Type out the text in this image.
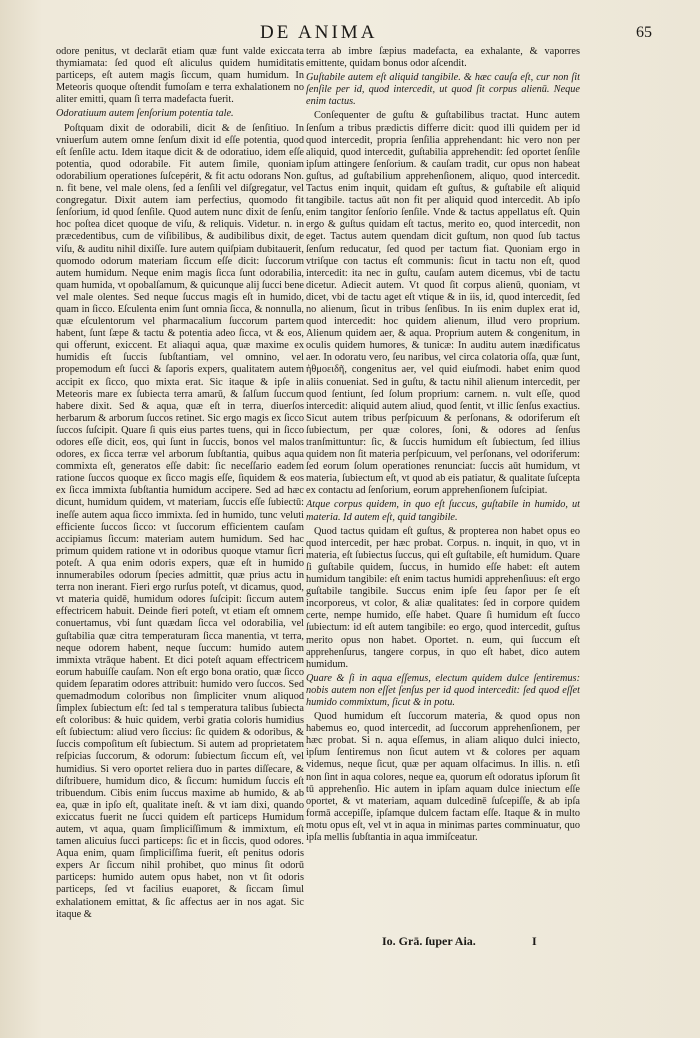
DE ANIMA	65

odore penitus, vt declarāt etiam quæ funt valde exiccata thymiamata: ſed quod eſt aliculus quidem humiditatis particeps, eſt autem magis ſiccum, quam humidum. In Meteoris quoque oſtendit fumoſam e terra exhalationem no aliter emitti, quam ſi terra madefacta fuerit.

Odoratiuum autem ſenſorium potentia tale.

Poſtquam dixit de odorabili, dicit & de ſenſitiuo. In vniuerſum autem omne ſenſum dixit id eſſe potentia, quod eſt ſenſile actu. Idem itaque dicit & de odoratiuo, idem eſſe potentia, quod odorabile. Fit autem ſimile, quoniam odorabilium operationes ſuſcepérit, & fit actu odorans Non. n. fit bene, vel male olens, ſed a ſenſili vel diſgregatur, vel congregatur. Dixit autem iam perfectius, quomodo fit ſenſorium, id quod ſenſile. Quod autem nunc dixit de ſenſu, hoc poſtea dicet quoque de viſu, & reliquis. Videtur. n. in præcedentibus, cum de viſibilibus, & audibilibus dixit, de viſu, & auditu nihil dixiſſe. Iure autem quiſpiam dubitauerit, quomodo odorum materiam ſiccum eſſe dicit: ſuccorum autem humidum. Neque enim magis ſicca ſunt odorabilia, quam humida, vt opobalſamum, & quicunque alij ſucci bene vel male olentes. Sed neque ſuccus magis eſt in humido, quam in ſicco. Eſculenta enim ſunt omnia ſicca, & nonnulla, quæ eſculentorum vel pharmacalium ſuccorum partem habent, ſunt ſæpe & tactu & potentia adeo ſicca, vt & eos, qui offerunt, exiccent. Et aliaqui aqua, quæ maxime ex humidis eſt ſuccis ſubſtantiam, vel omnino, vel propemodum eſt ſucci & ſaporis expers, qualitatem autem accipit ex ſicco, quo mixta erat. Sic itaque & ipſe in Meteoris mare ex ſubiecta terra amarū, & ſalſum ſuccum habere dixit. Sed & aqua, quæ eſt in terra, diuerſos herbarum & arborum ſuccos retinet. Sic ergo magis ex ſicco ſuccos ſuſcipit. Quare ſi quis eius partes tuens, qui in ſicco odores eſſe dicit, eos, qui ſunt in ſuccis, bonos vel malos odores, ex ſicca terræ vel arborum ſubſtantia, quibus aqua commixta eſt, generatos eſſe dabit: ſic neceſſario eadem ratione ſuccos quoque ex ſicco magis eſſe, ſiquidem & eos ex ſicca immixta ſubſtantia humidum accipere. Sed ad hæc dicunt, humidum quidem, vt materiam, ſuccis eſſe ſubiectū: ineſſe autem aqua ſicco immixta. ſed in humido, tunc veluti efficiente ſuccos ſicco: vt ſuccorum efficientem cauſam accipiamus ſiccum: materiam autem humidum. Sed hac primum quidem ratione vt in odoribus quoque vtamur ſicri poteſt. A qua enim odoris expers, quæ eſt in humido innumerabiles odorum ſpecies admittit, quæ prius actu in terra non inerant. Fieri ergo rurſus poteſt, vt dicamus, quod, vt materia quidē, humidum odores ſuſcipit: ſiccum autem effectricem habuit. Deinde fieri poteſt, vt etiam eſt omnem conuertamus, vbi ſunt quædam ſicca vel odorabilia, vel guſtabilia quæ citra temperaturam ſicca manentia, vt terra, neque odorem habent, neque ſuccum: humido autem immixta vtrāque habent. Et dici poteſt aquam effectricem eorum habuiſſe cauſam. Non eſt ergo bona oratio, quæ ſicco quidem ſeparatim odores attribuit: humido vero ſuccos. Sed quemadmodum coloribus non ſimpliciter vnum aliquod ſimplex ſubiectum eſt: ſed tal s temperatura talibus ſubiecta eſt coloribus: & huic quidem, verbi gratia coloris humidius eſt ſubiectum: aliud vero ſiccius: ſic quidem & odoribus, & ſuccis compoſitum eſt ſubiectum. Si autem ad proprietatem reſpicias ſuccorum, & odorum: ſubiectum ſiccum eſt, vel humidius. Si vero oportet reliera duo in partes diſſecare, & diſtribuere, humidum dico, & ſiccum: humidum ſuccis eſt tribuendum. Cibis enim ſuccus maxime ab humido, & ab ea, quæ in ipſo eſt, qualitate ineſt. & vt iam dixi, quando exiccatus fuerit ne ſucci quidem eſt particeps Humidum autem, vt aqua, quam ſimpliciſſimum & immixtum, eſt tamen alicuius ſucci particeps: ſic et in ſiccis, quod odores. Aqua enim, quam ſimpliciſſima fuerit, eſt penitus odoris expers Ar ſiccum nihil prohibet, quo minus ſit odorū particeps: humido autem opus habet, non vt ſit odoris particeps, ſed vt facilius euaporet, & ſiccam ſimul exhalationem emittat, & ſic affectus aer in nos agat. Sic itaque &

terra ab imbre ſæpius madefacta, ea exhalante, & vaporres emittente, quidam bonus odor aſcendit.

Guſtabile autem eſt aliquid tangibile. & hæc cauſa eſt, cur non ſit ſenſile per id, quod intercedit, ut quod ſit corpus alienū. Neque enim tactus.

Conſequenter de guſtu & guſtabilibus tractat. Hunc autem ſenſum a tribus prædictis differre dicit: quod illi quidem per id quod intercedit, propria ſenſilia apprehendant: hic vero non per aliquid, quod intercedit, guſtabilia apprehendit: ſed oportet ſenſile ipſum attingere ſenſorium. & cauſam tradit, cur opus non habeat guſtus, ad guſtabilium apprehenſionem, aliquo, quod intercedit. Tactus enim inquit, quidam eſt guſtus, & guſtabile eſt aliquid tangibile. tactus aūt non fit per aliquid quod intercedit. Ab ipſo enim tangitor ſenſorio ſenſile. Vnde & tactus appellatus eſt. Quin ergo & guſtus quidam eſt tactus, merito eo, quod intercedit, non eget. Tactus autem quendam dicit guſtum, non quod ſub tactus ſenſum reducatur, ſed quod per tactum fiat. Quoniam ergo in vtriſque con tactus eſt communis: ſicut in tactu non eſt, quod intercedit: ita nec in guſtu, cauſam autem dicemus, vbi de tactu dicetur. Adiecit autem. Vt quod ſit corpus alienū, quoniam, vt dicet, vbi de tactu aget eſt vtique & in iis, id, quod intercedit, ſed no alienum, ſicut in tribus ſenſibus. In iis enim duplex erat id, quod intercedit: hoc quidem alienum, illud vero proprium. Alienum quidem aer, & aqua. Proprium autem & congenitum, in oculis quidem humores, & tunicæ: In auditu autem inædificatus aer. In odoratu vero, ſeu naribus, vel circa colatoria oſſa, quæ ſunt, ἠθμοειδῆ, congenitus aer, vel quid eiuſmodi. habet enim quod aliis conueniat. Sed in guſtu, & tactu nihil alienum intercedit, per quod ſentiunt, ſed ſolum proprium: carnem. n. vult eſſe, quod intercedit: aliquid autem aliud, quod ſentit, vt illic ſenſus exactius. Sicut autem tribus perſpicuum & perſonans, & odoriferum eſt ſubiectum, per quæ colores, ſoni, & odores ad ſenſus tranſmittuntur: ſic, & ſuccis humidum eſt ſubiectum, ſed illius quidem non ſit materia perſpicuum, vel perſonans, vel odoriferum: ſed eorum ſolum operationes renunciat: ſuccis aūt humidum, vt materia, ſubiectum eſt, vt quod ab eis patiatur, & qualitate ſuſcepta ex contactu ad ſenſorium, eorum apprehenſionem ſuſcipiat.

Atque corpus quidem, in quo eſt ſuccus, guſtabile in humido, ut materia. Id autem eſt, quid tangibile.

Quod tactus quidam eſt guſtus, & propterea non habet opus eo quod intercedit, per hæc probat. Corpus. n. inquit, in quo, vt in materia, eſt ſubiectus ſuccus, qui eſt guſtabile, eſt humidum. Quare ſi guſtabile quidem, ſuccus, in humido eſſe habet: eſt autem humidum tangibile: eſt enim tactus humidi apprehenſiuus: eſt ergo guſtabile tangibile. Succus enim ipſe ſeu ſapor per ſe eſt incorporeus, vt color, & aliæ qualitates: ſed in corpore quidem certe, nempe humido, eſſe habet. Quare ſi humidum eſt ſucco ſubiectum: id eſt autem tangibile: eo ergo, quod intercedit, guſtus merito opus non habet. Oportet. n. eum, qui ſuccum eſt apprehenſurus, tangere corpus, in quo eſt habet, dico autem humidum.

Quare & ſi in aqua eſſemus, electum quidem dulce ſentiremus: nobis autem non eſſet ſenſus per id quod intercedit: ſed quod eſſet humido commixtum, ſicut & in potu.

Quod humidum eſt ſuccorum materia, & quod opus non habemus eo, quod intercedit, ad ſuccorum apprehenſionem, per hæc probat. Si n. aqua eſſemus, in aliam aliquo dulci iniecto, ipſum ſentiremus non ſicut autem vt & colores per aquam videmus, neque ſicut, quæ per aquam olfacimus. In illis. n. etſi non ſint in aqua colores, neque ea, quorum eſt odoratus ipſorum ſit tū apprehenſio. Hic autem in ipſam aquam dulce iniectum eſſe oportet, & vt materiam, aquam dulcedinē ſuſcepiſſe, & ab ipſa formā accepiſſe, ipſamque dulcem factam eſſe. Itaque & in multo motu opus eſt, vel vt in aqua in minimas partes comminuatur, quo ipſa mellis ſubſtantia in aqua immiſceatur.

Io. Grā. ſuper Aia.	I
